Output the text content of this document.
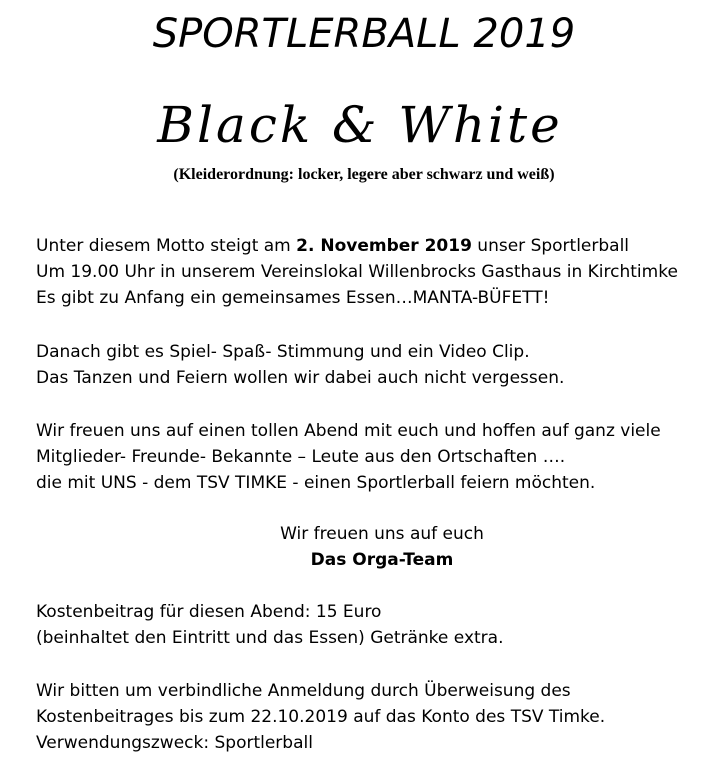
SPORTLERBALL 2019
Black & White
(Kleiderordnung: locker, legere aber schwarz und weiß)
Unter diesem Motto steigt am 2. November 2019 unser Sportlerball
Um 19.00 Uhr in unserem Vereinslokal Willenbrocks Gasthaus in Kirchtimke
Es gibt zu Anfang ein gemeinsames Essen…MANTA-BÜFETT!
Danach gibt es Spiel- Spaß- Stimmung und ein Video Clip.
Das Tanzen und Feiern wollen wir dabei auch nicht vergessen.
Wir freuen uns auf einen tollen Abend mit euch und hoffen auf ganz viele
Mitglieder- Freunde- Bekannte – Leute aus den Ortschaften ….
die mit UNS - dem TSV TIMKE - einen Sportlerball feiern möchten.
Wir freuen uns auf euch
Das Orga-Team
Kostenbeitrag für diesen Abend: 15 Euro
(beinhaltet den Eintritt und das Essen) Getränke extra.
Wir bitten um verbindliche Anmeldung durch Überweisung des
Kostenbeitrages bis zum 22.10.2019 auf das Konto des TSV Timke.
Verwendungszweck: Sportlerball
